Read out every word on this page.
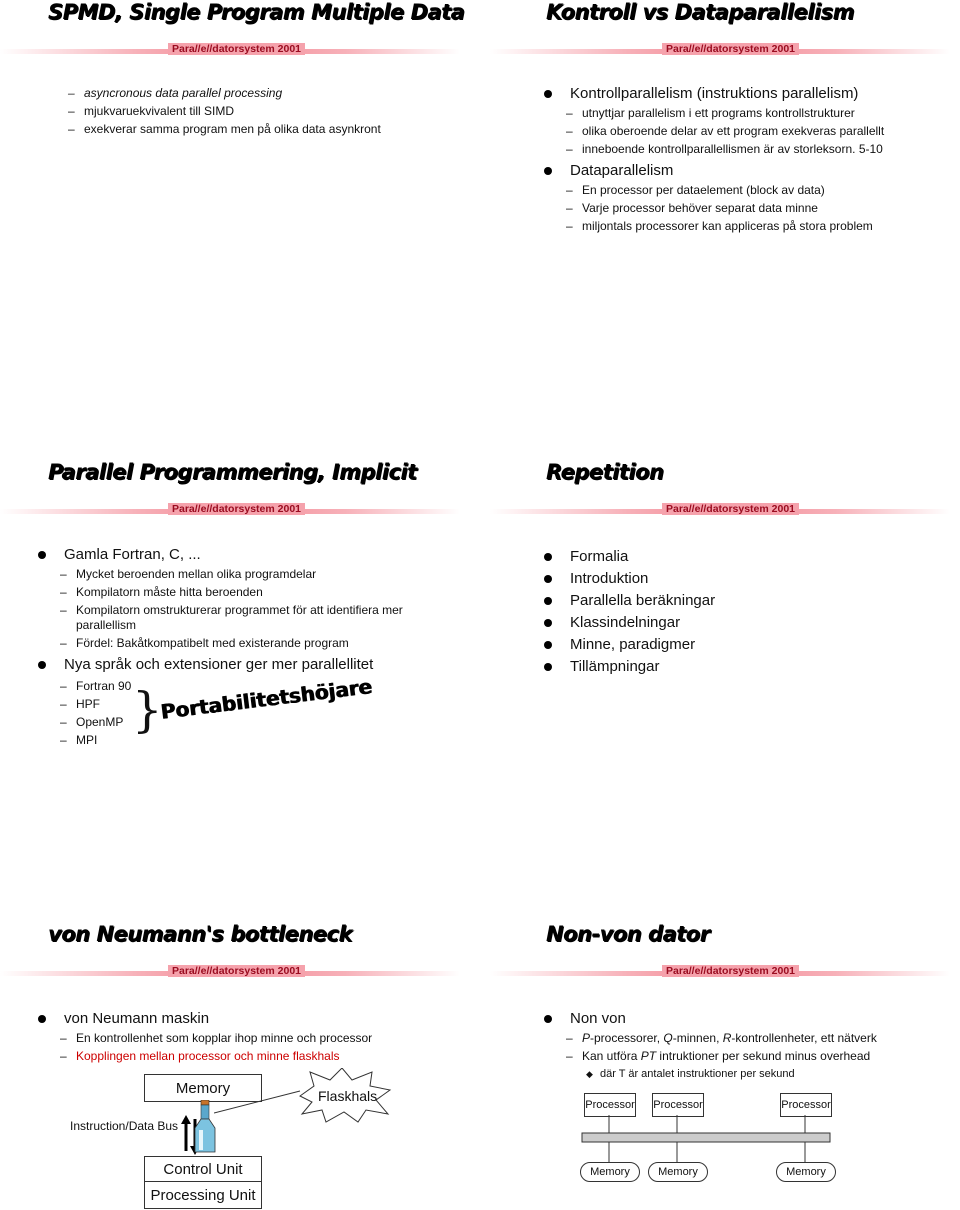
SPMD, Single Program Multiple Data
Para//e//datorsystem 2001
– asyncronous data parallel processing
– mjukvaruekvivalent till SIMD
– exekverar samma program men på olika data asynkront
Kontroll vs Dataparallelism
Para//e//datorsystem 2001
Kontrollparallelism (instruktions parallelism)
– utnyttjar parallelism i ett programs kontrollstrukturer
– olika oberoende delar av ett program exekveras parallellt
– inneboende kontrollparallellismen är av storleksorn. 5-10
Dataparallelism
– En processor per dataelement (block av data)
– Varje processor behöver separat data minne
– miljontals processorer kan appliceras på stora problem
Parallel Programmering, Implicit
Para//e//datorsystem 2001
Gamla Fortran, C, ...
– Mycket beroenden mellan olika programdelar
– Kompilatorn måste hitta beroenden
– Kompilatorn omstrukturerar programmet för att identifiera mer parallellism
– Fördel: Bakåtkompatibelt med existerande program
Nya språk och extensioner ger mer parallellitet
– Fortran 90
– HPF
– OpenMP
– MPI
}
Portabilitetshöjare
Repetition
Para//e//datorsystem 2001
Formalia
Introduktion
Parallella beräkningar
Klassindelningar
Minne, paradigmer
Tillämpningar
von Neumann's bottleneck
Para//e//datorsystem 2001
von Neumann maskin
– En kontrollenhet som kopplar ihop minne och processor
– Kopplingen mellan processor och minne flaskhals
Memory	Flaskhals
Instruction/Data Bus
Control Unit
Processing Unit
Non-von dator
Para//e//datorsystem 2001
Non von
– P-processorer, Q-minnen, R-kontrollenheter, ett nätverk
– Kan utföra PT intruktioner per sekund minus overhead
◆ där T är antalet instruktioner per sekund
Processor Processor	Processor
Memory	Memory	Memory
